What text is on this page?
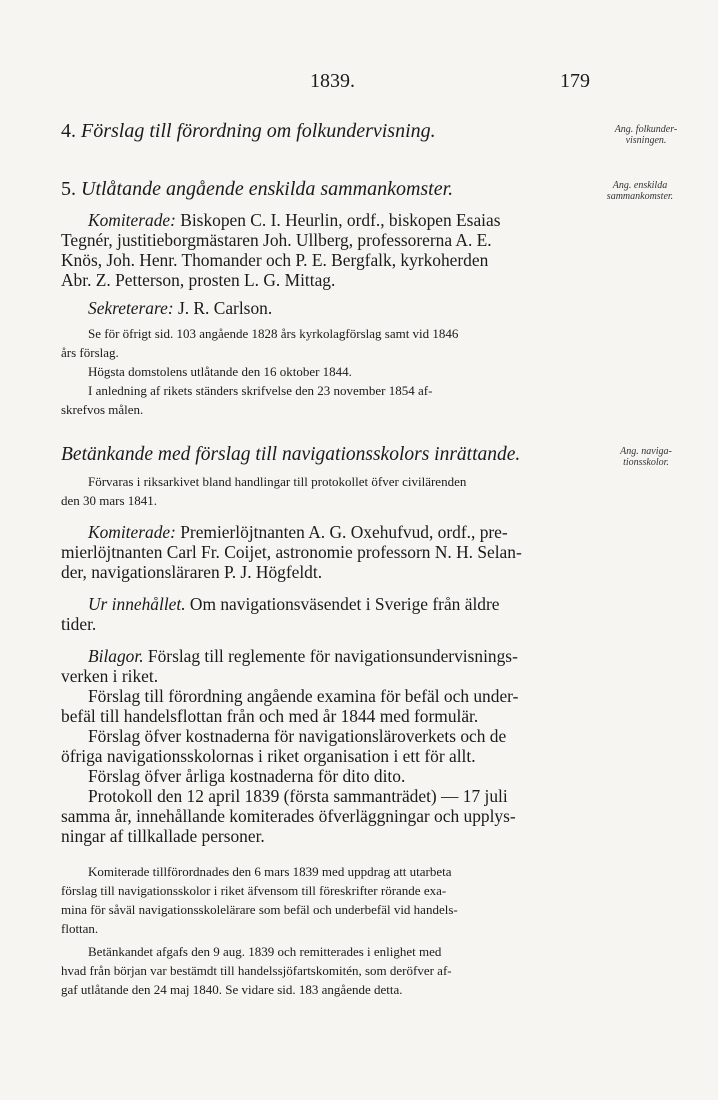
1839.	179
4. Förslag till förordning om folkundervisning.	Ang. folkunder-
visningen.
5. Utlåtande angående enskilda sammankomster.	Ang. enskilda
sammankomster.

Komiterade: Biskopen C. I. Heurlin, ordf., biskopen Esaias
Tegnér, justitieborgmästaren Joh. Ullberg, professorerna A. E.
Knös, Joh. Henr. Thomander och P. E. Bergfalk, kyrkoherden
Abr. Z. Petterson, prosten L. G. Mittag.

Sekreterare: J. R. Carlson.

Se för öfrigt sid. 103 angående 1828 års kyrkolagförslag samt vid 1846
års förslag.

Högsta domstolens utlåtande den 16 oktober 1844.

I anledning af rikets ständers skrifvelse den 23 november 1854 af-
skrefvos målen.

Betänkande med förslag till navigationsskolors inrättande.	Ang. naviga-
tionsskolor.

Förvaras i riksarkivet bland handlingar till protokollet öfver civilärenden
den 30 mars 1841.

Komiterade: Premierlöjtnanten A. G. Oxehufvud, ordf., pre-
mierlöjtnanten Carl Fr. Coijet, astronomie professorn N. H. Selan-
der, navigationsläraren P. J. Högfeldt.

Ur innehållet. Om navigationsväsendet i Sverige från äldre
tider.

Bilagor. Förslag till reglemente för navigationsundervisnings-
verken i riket.

Förslag till förordning angående examina för befäl och under-
befäl till handelsflottan från och med år 1844 med formulär.

Förslag öfver kostnaderna för navigationsläroverkets och de
öfriga navigationsskolornas i riket organisation i ett för allt.

Förslag öfver årliga kostnaderna för dito dito.

Protokoll den 12 april 1839 (första sammanträdet) — 17 juli
samma år, innehållande komiterades öfverläggningar och upplys-
ningar af tillkallade personer.

Komiterade tillförordnades den 6 mars 1839 med uppdrag att utarbeta
förslag till navigationsskolor i riket äfvensom till föreskrifter rörande exa-
mina för såväl navigationsskolelärare som befäl och underbefäl vid handels-
flottan.

Betänkandet afgafs den 9 aug. 1839 och remitterades i enlighet med
hvad från början var bestämdt till handelssjöfartskomitén, som deröfver af-
gaf utlåtande den 24 maj 1840. Se vidare sid. 183 angående detta.
